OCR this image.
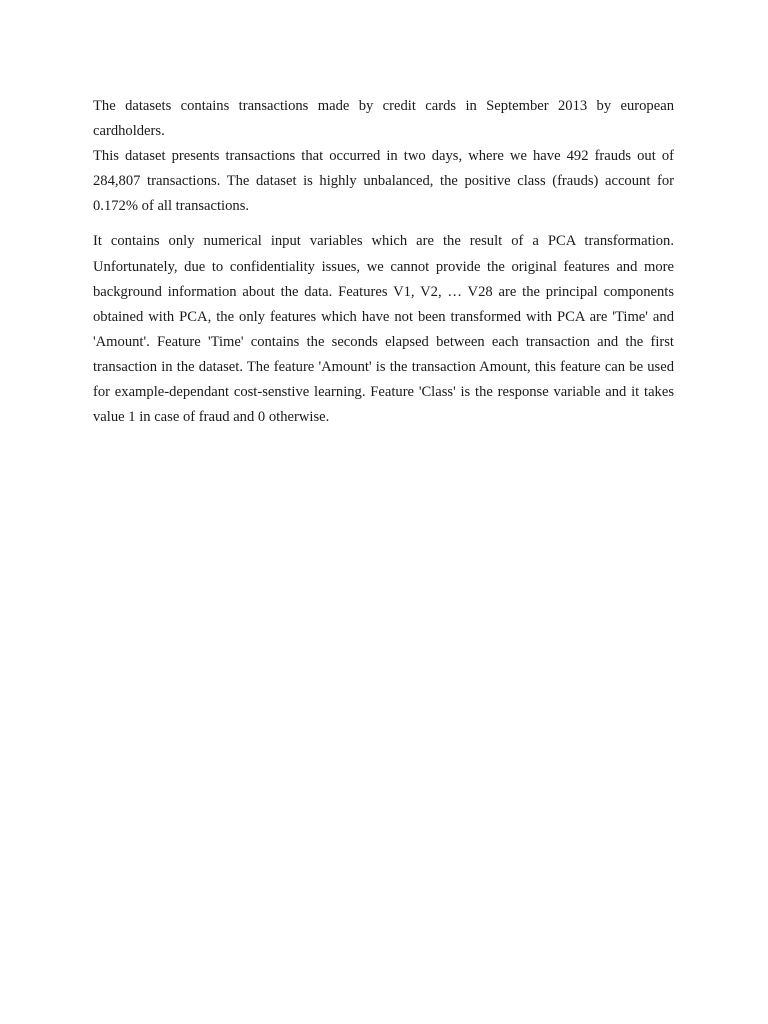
The datasets contains transactions made by credit cards in September 2013 by european cardholders.

This dataset presents transactions that occurred in two days, where we have 492 frauds out of 284,807 transactions. The dataset is highly unbalanced, the positive class (frauds) account for 0.172% of all transactions.

It contains only numerical input variables which are the result of a PCA transformation. Unfortunately, due to confidentiality issues, we cannot provide the original features and more background information about the data. Features V1, V2, … V28 are the principal components obtained with PCA, the only features which have not been transformed with PCA are 'Time' and 'Amount'. Feature 'Time' contains the seconds elapsed between each transaction and the first transaction in the dataset. The feature 'Amount' is the transaction Amount, this feature can be used for example-dependant cost-senstive learning. Feature 'Class' is the response variable and it takes value 1 in case of fraud and 0 otherwise.
